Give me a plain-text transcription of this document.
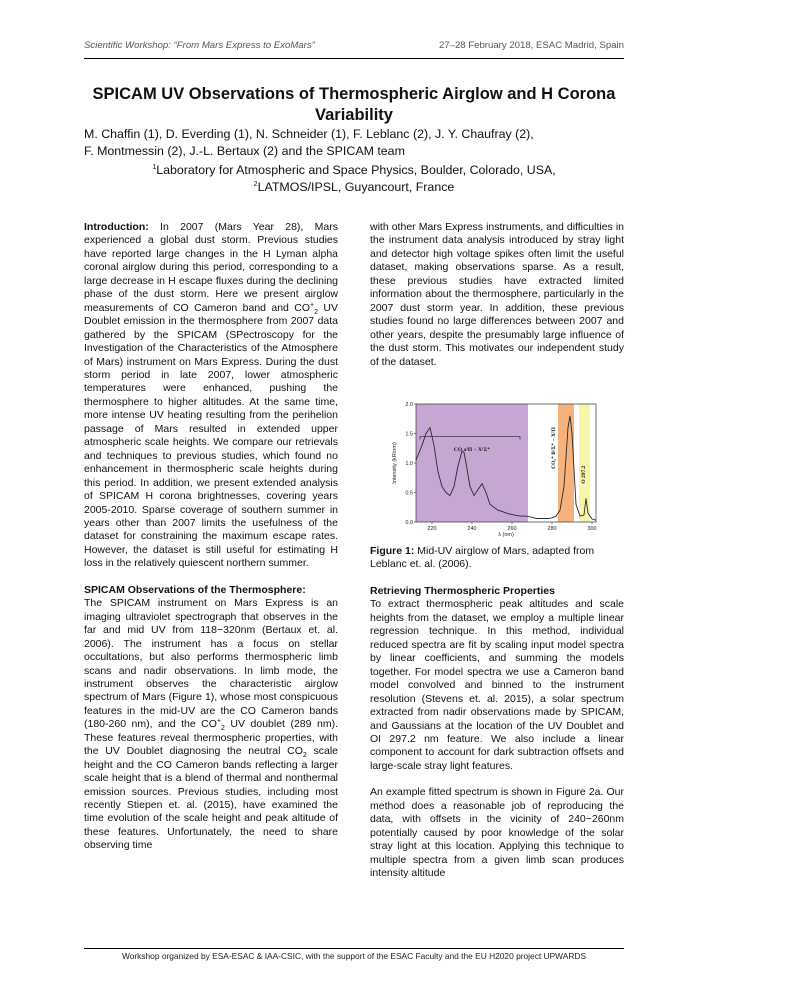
Scientific Workshop: “From Mars Express to ExoMars”	27–28 February 2018, ESAC Madrid, Spain
SPICAM UV Observations of Thermospheric Airglow and H Corona Variability
M. Chaffin (1), D. Everding (1), N. Schneider (1), F. Leblanc (2), J. Y. Chaufray (2),
F. Montmessin (2), J.-L. Bertaux (2) and the SPICAM team
$^1$Laboratory for Atmospheric and Space Physics, Boulder, Colorado, USA,
$^2$LATMOS/IPSL, Guyancourt, France

Introduction: In 2007 (Mars Year 28), Mars experienced a global dust storm. Previous studies have reported large changes in the H Lyman alpha coronal airglow during this period, corresponding to a large decrease in H escape fluxes during the declining phase of the dust storm. Here we present airglow measurements of CO Cameron band and $CO^+_2$ UV Doublet emission in the thermosphere from 2007 data gathered by the SPICAM (SPectroscopy for the Investigation of the Characteristics of the Atmosphere of Mars) instrument on Mars Express. During the dust storm period in late 2007, lower atmospheric temperatures were enhanced, pushing the thermosphere to higher altitudes. At the same time, more intense UV heating resulting from the perihelion passage of Mars resulted in extended upper atmospheric scale heights. We compare our retrievals and techniques to previous studies, which found no enhancement in thermospheric scale heights during this period. In addition, we present extended analysis of SPICAM H corona brightnesses, covering years 2005-2010. Sparse coverage of southern summer in years other than 2007 limits the usefulness of the dataset for constraining the maximum escape rates. However, the dataset is still useful for estimating H loss in the relatively quiescent northern summer.

SPICAM Observations of the Thermosphere:

The SPICAM instrument on Mars Express is an imaging ultraviolet spectrograph that observes in the far and mid UV from 118−320nm (Bertaux et. al. 2006). The instrument has a focus on stellar occultations, but also performs thermospheric limb scans and nadir observations. In limb mode, the instrument observes the characteristic airglow spectrum of Mars (Figure 1), whose most conspicuous features in the mid-UV are the CO Cameron bands (180-260 nm), and the $CO^+_2$ UV doublet (289 nm). These features reveal thermospheric properties, with the UV Doublet diagnosing the neutral $CO_2$ scale height and the CO Cameron bands reflecting a larger scale height that is a blend of thermal and nonthermal emission sources. Previous studies, including most recently Stiepen et. al. (2015), have examined the time evolution of the scale height and peak altitude of these features. Unfortunately, the need to share observing time

with other Mars Express instruments, and difficulties in the instrument data analysis introduced by stray light and detector high voltage spikes often limit the useful dataset, making observations sparse. As a result, these previous studies have extracted limited information about the thermosphere, particularly in the 2007 dust storm year. In addition, these previous studies found no large differences between 2007 and other years, despite the presumably large influence of the dust storm. This motivates our independent study of the dataset.

CO a³Π − X¹Σ⁺	CO₂⁺ B²Σ⁺ − X²Π
O 297.2
220	240	260	280	300
0.0
0.5
1.0
1.5
2.0
λ (nm)
Intensity (kR/nm)
Figure 1: Mid-UV airglow of Mars, adapted from Leblanc et. al. (2006).

Retrieving Thermospheric Properties

To extract thermospheric peak altitudes and scale heights from the dataset, we employ a multiple linear regression technique. In this method, individual reduced spectra are fit by scaling input model spectra by linear coefficients, and summing the models together. For model spectra we use a Cameron band model convolved and binned to the instrument resolution (Stevens et. al. 2015), a solar spectrum extracted from nadir observations made by SPICAM, and Gaussians at the location of the UV Doublet and OI 297.2 nm feature. We also include a linear component to account for dark subtraction offsets and large-scale stray light features.

An example fitted spectrum is shown in Figure 2a. Our method does a reasonable job of reproducing the data, with offsets in the vicinity of 240−260nm potentially caused by poor knowledge of the solar stray light at this location. Applying this technique to multiple spectra from a given limb scan produces intensity altitude

Workshop organized by ESA-ESAC & IAA-CSIC, with the support of the ESAC Faculty and the EU H2020 project UPWARDS
